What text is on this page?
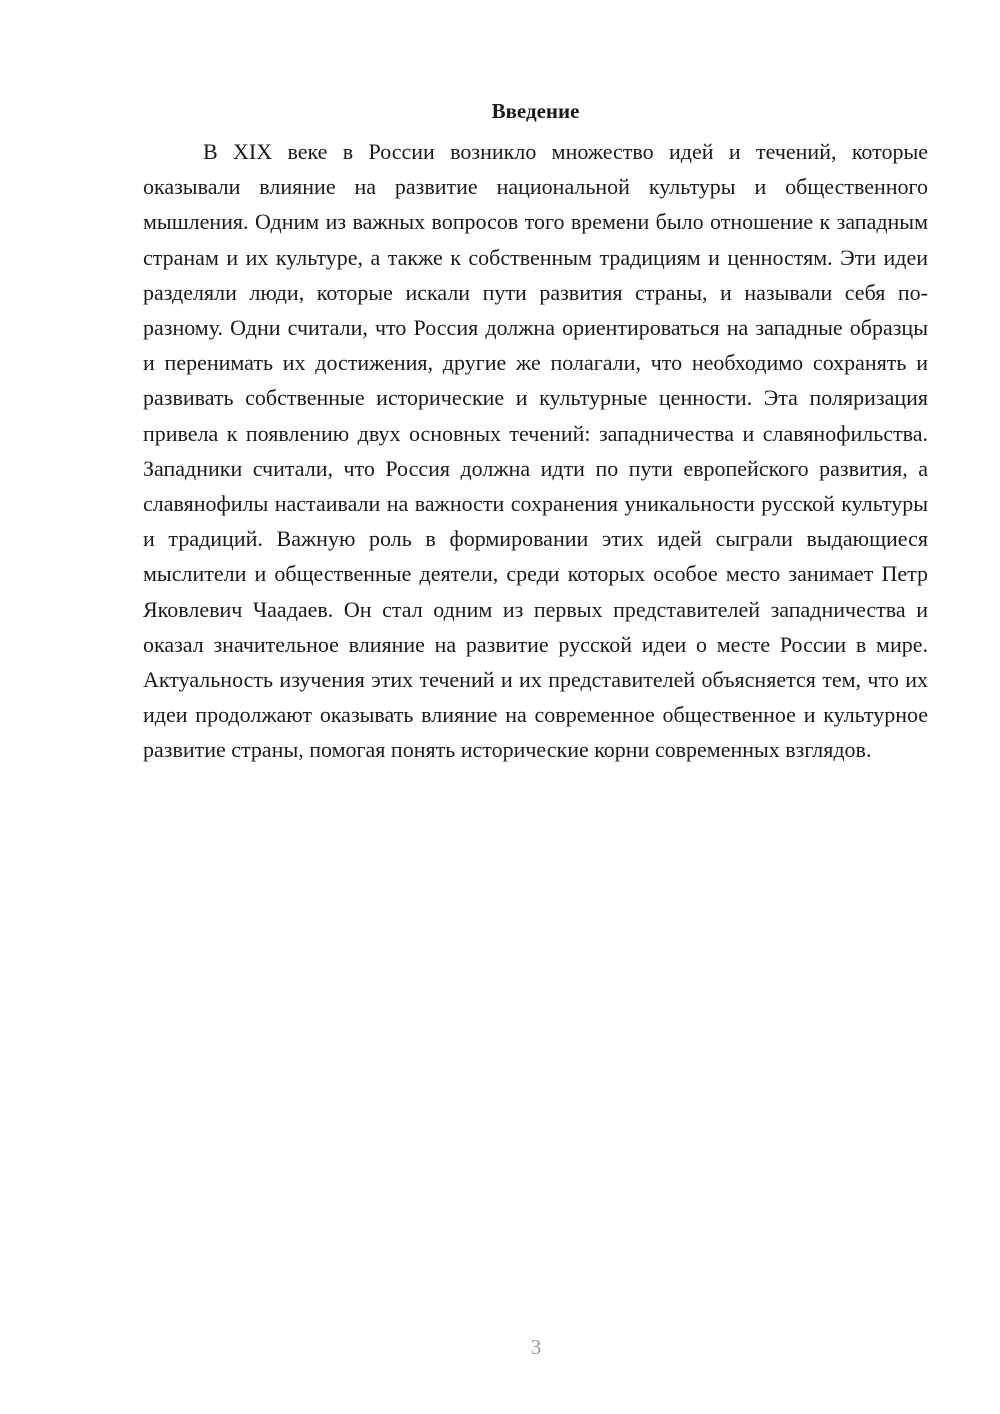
Введение

В XIX веке в России возникло множество идей и течений, которые оказывали влияние на развитие национальной культуры и общественного мышления. Одним из важных вопросов того времени было отношение к западным странам и их культуре, а также к собственным традициям и ценностям. Эти идеи разделяли люди, которые искали пути развития страны, и называли себя по-разному. Одни считали, что Россия должна ориентироваться на западные образцы и перенимать их достижения, другие же полагали, что необходимо сохранять и развивать собственные исторические и культурные ценности. Эта поляризация привела к появлению двух основных течений: западничества и славянофильства. Западники считали, что Россия должна идти по пути европейского развития, а славянофилы настаивали на важности сохранения уникальности русской культуры и традиций. Важную роль в формировании этих идей сыграли выдающиеся мыслители и общественные деятели, среди которых особое место занимает Петр Яковлевич Чаадаев. Он стал одним из первых представителей западничества и оказал значительное влияние на развитие русской идеи о месте России в мире. Актуальность изучения этих течений и их представителей объясняется тем, что их идеи продолжают оказывать влияние на современное общественное и культурное развитие страны, помогая понять исторические корни современных взглядов.

3
